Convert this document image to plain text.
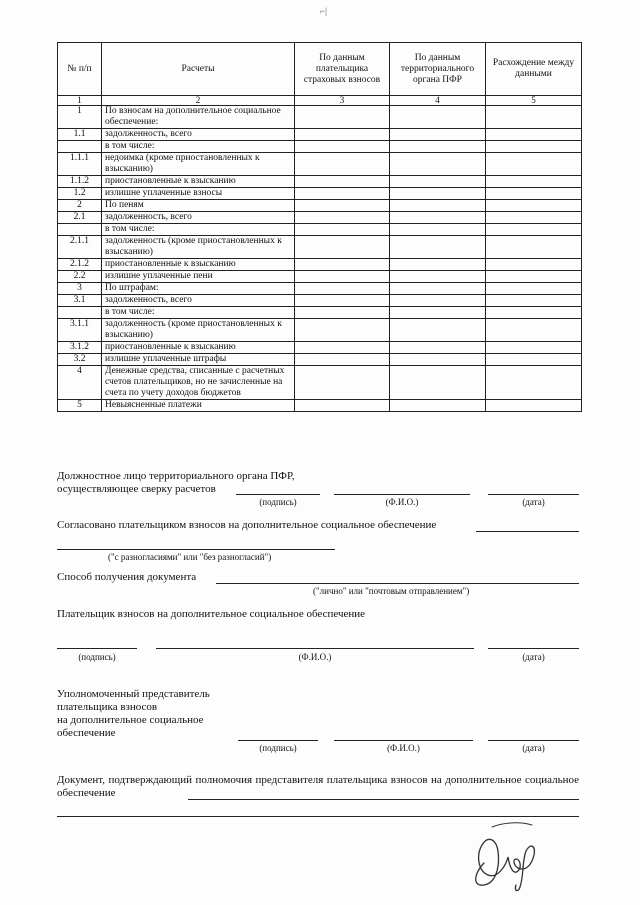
⌐|
№ п/п	Расчеты	По данным плательщика страховых взносов	По данным территориального органа ПФР	Расхождение между данными
1	2	3	4	5
1	По взносам на дополнительное социальное обеспечение:			
1.1	задолженность, всего			
	в том числе:			
1.1.1	недоимка (кроме приостановленных к взысканию)			
1.1.2	приостановленные к взысканию			
1.2	излишне уплаченные взносы			
2	По пеням			
2.1	задолженность, всего			
	в том числе:			
2.1.1	задолженность (кроме приостановленных к взысканию)			
2.1.2	приостановленные к взысканию			
2.2	излишне уплаченные пени			
3	По штрафам:			
3.1	задолженность, всего			
	в том числе:			
3.1.1	задолженность (кроме приостановленных к взысканию)			
3.1.2	приостановленные к взысканию			
3.2	излишне уплаченные штрафы			
4	Денежные средства, списанные с расчетных счетов плательщиков, но не зачисленные на счета по учету доходов бюджетов			
5	Невыясненные платежи			
Должностное лицо территориального органа ПФР,
осуществляющее сверку расчетов
(подпись)	(Ф.И.О.)	(дата)
Согласовано плательщиком взносов на дополнительное социальное обеспечение
("с разногласиями" или "без разногласий")
Способ получения документа
("лично" или "почтовым отправлением")
Плательщик взносов на дополнительное социальное обеспечение
(подпись)	(Ф.И.О.)	(дата)
Уполномоченный представитель
плательщика взносов
на дополнительное социальное
обеспечение
(подпись)	(Ф.И.О.)	(дата)
Документ, подтверждающий полномочия представителя плательщика взносов на дополнительное социальное обеспечение
